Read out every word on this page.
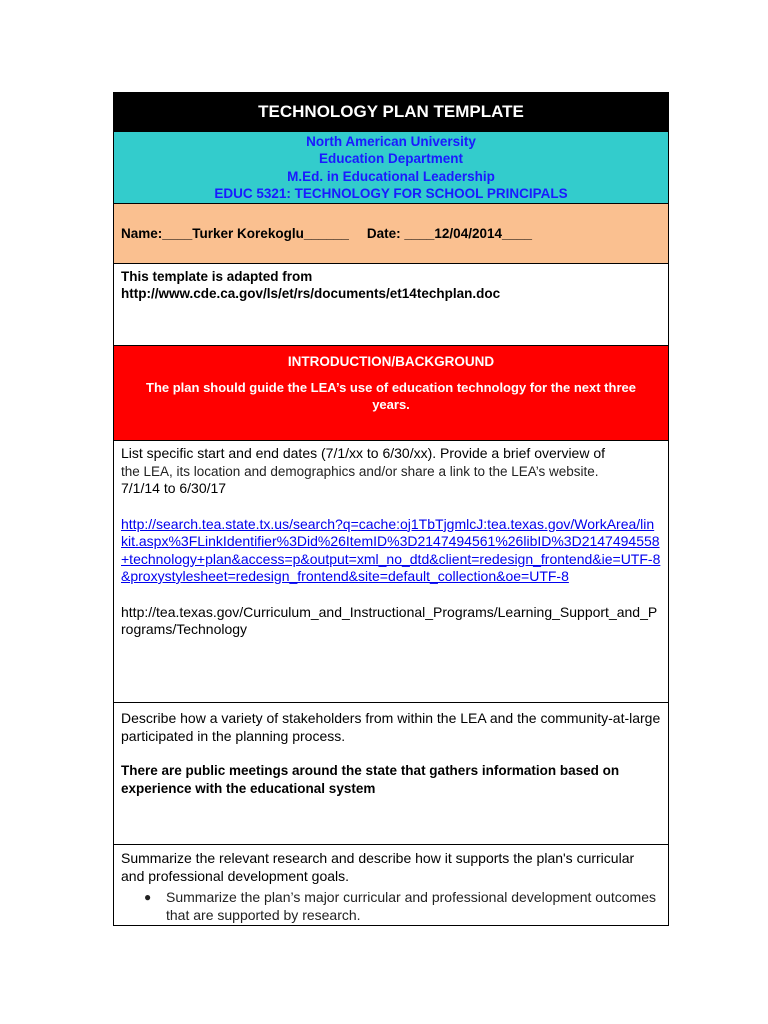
TECHNOLOGY PLAN TEMPLATE
North American University
Education Department
M.Ed. in Educational Leadership
EDUC 5321: TECHNOLOGY FOR SCHOOL PRINCIPALS
Name:____Turker Korekoglu______ Date: ____12/04/2014____
This template is adapted from
http://www.cde.ca.gov/ls/et/rs/documents/et14techplan.doc
INTRODUCTION/BACKGROUND
The plan should guide the LEA’s use of education technology for the next three years.
List specific start and end dates (7/1/xx to 6/30/xx). Provide a brief overview of
the LEA, its location and demographics and/or share a link to the LEA’s website.
7/1/14 to 6/30/17
http://search.tea.state.tx.us/search?q=cache:oj1TbTjgmlcJ:tea.texas.gov/WorkArea/linkit.aspx%3FLinkIdentifier%3Did%26ItemID%3D2147494561%26libID%3D2147494558+technology+plan&access=p&output=xml_no_dtd&client=redesign_frontend&ie=UTF-8&proxystylesheet=redesign_frontend&site=default_collection&oe=UTF-8
http://tea.texas.gov/Curriculum_and_Instructional_Programs/Learning_Support_and_Programs/Technology
Describe how a variety of stakeholders from within the LEA and the community-at-large participated in the planning process.
There are public meetings around the state that gathers information based on experience with the educational system
Summarize the relevant research and describe how it supports the plan's curricular and professional development goals.
● Summarize the plan’s major curricular and professional development outcomes that are supported by research.
